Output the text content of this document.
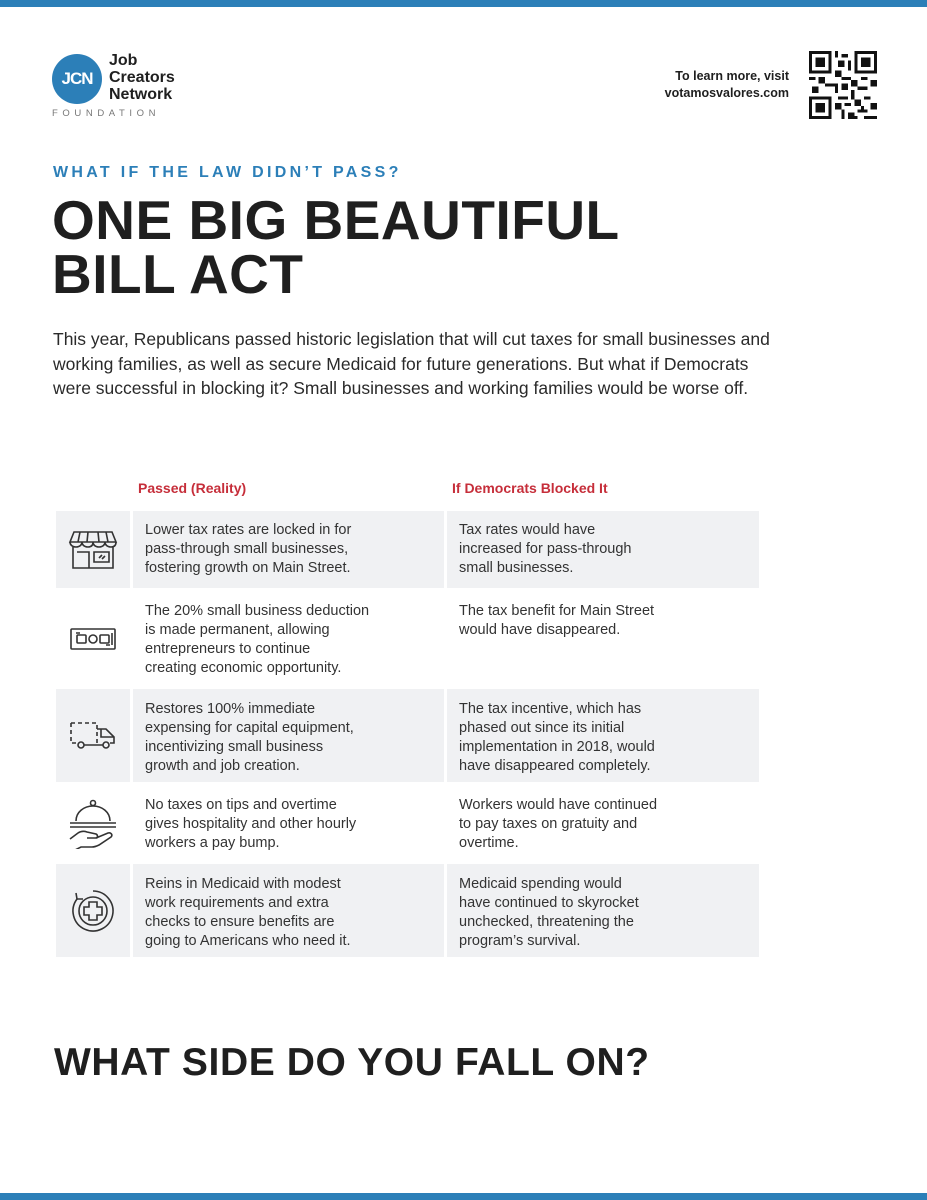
JCN
Job
Creators
Network
FOUNDATION
To learn more, visit
votamosvalores.com
WHAT IF THE LAW DIDN’T PASS?
ONE BIG BEAUTIFUL
BILL ACT
This year, Republicans passed historic legislation that will cut taxes for small businesses and working families, as well as secure Medicaid for future generations. But what if Democrats were successful in blocking it? Small businesses and working families would be worse off.
Passed (Reality)	If Democrats Blocked It
Lower tax rates are locked in for
pass-through small businesses,
fostering growth on Main Street.
Tax rates would have
increased for pass-through
small businesses.
The 20% small business deduction
is made permanent, allowing
entrepreneurs to continue
creating economic opportunity.
The tax benefit for Main Street
would have disappeared.
Restores 100% immediate
expensing for capital equipment,
incentivizing small business
growth and job creation.
The tax incentive, which has
phased out since its initial
implementation in 2018, would
have disappeared completely.
No taxes on tips and overtime
gives hospitality and other hourly
workers a pay bump.
Workers would have continued
to pay taxes on gratuity and
overtime.
Reins in Medicaid with modest
work requirements and extra
checks to ensure benefits are
going to Americans who need it.
Medicaid spending would
have continued to skyrocket
unchecked, threatening the
program’s survival.
WHAT SIDE DO YOU FALL ON?
